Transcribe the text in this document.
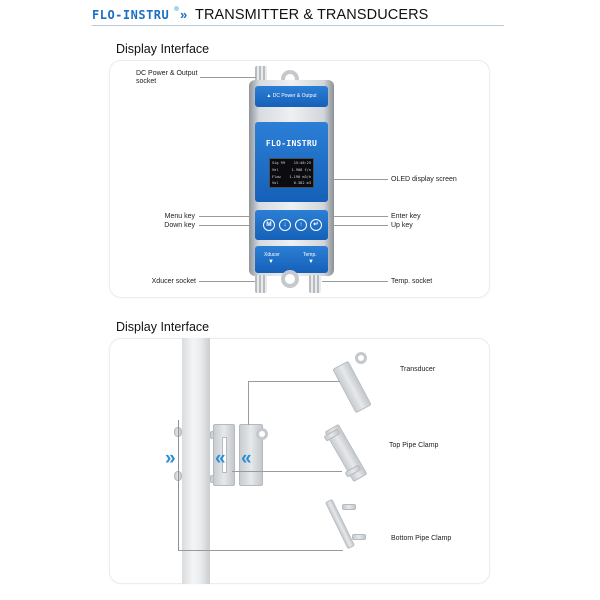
FLO-INSTRU » TRANSMITTER & TRANSDUCERS
Display Interface
▲ DC Power & Output
FLO-INSTRU
Sig 99 15:48:25
Vel	1.908 f/s
Flow 1.190 m3/h
Vol	6.382 m3
M	↓	↑	↵
Xducer
▼
Temp.
▼
DC Power & Output
socket
OLED display screen
Menu key
Down key
Enter key
Up key
Xducer socket	Temp. socket
Display Interface
» « «
Transducer
Top Pipe Clamp
Bottom Pipe Clamp
